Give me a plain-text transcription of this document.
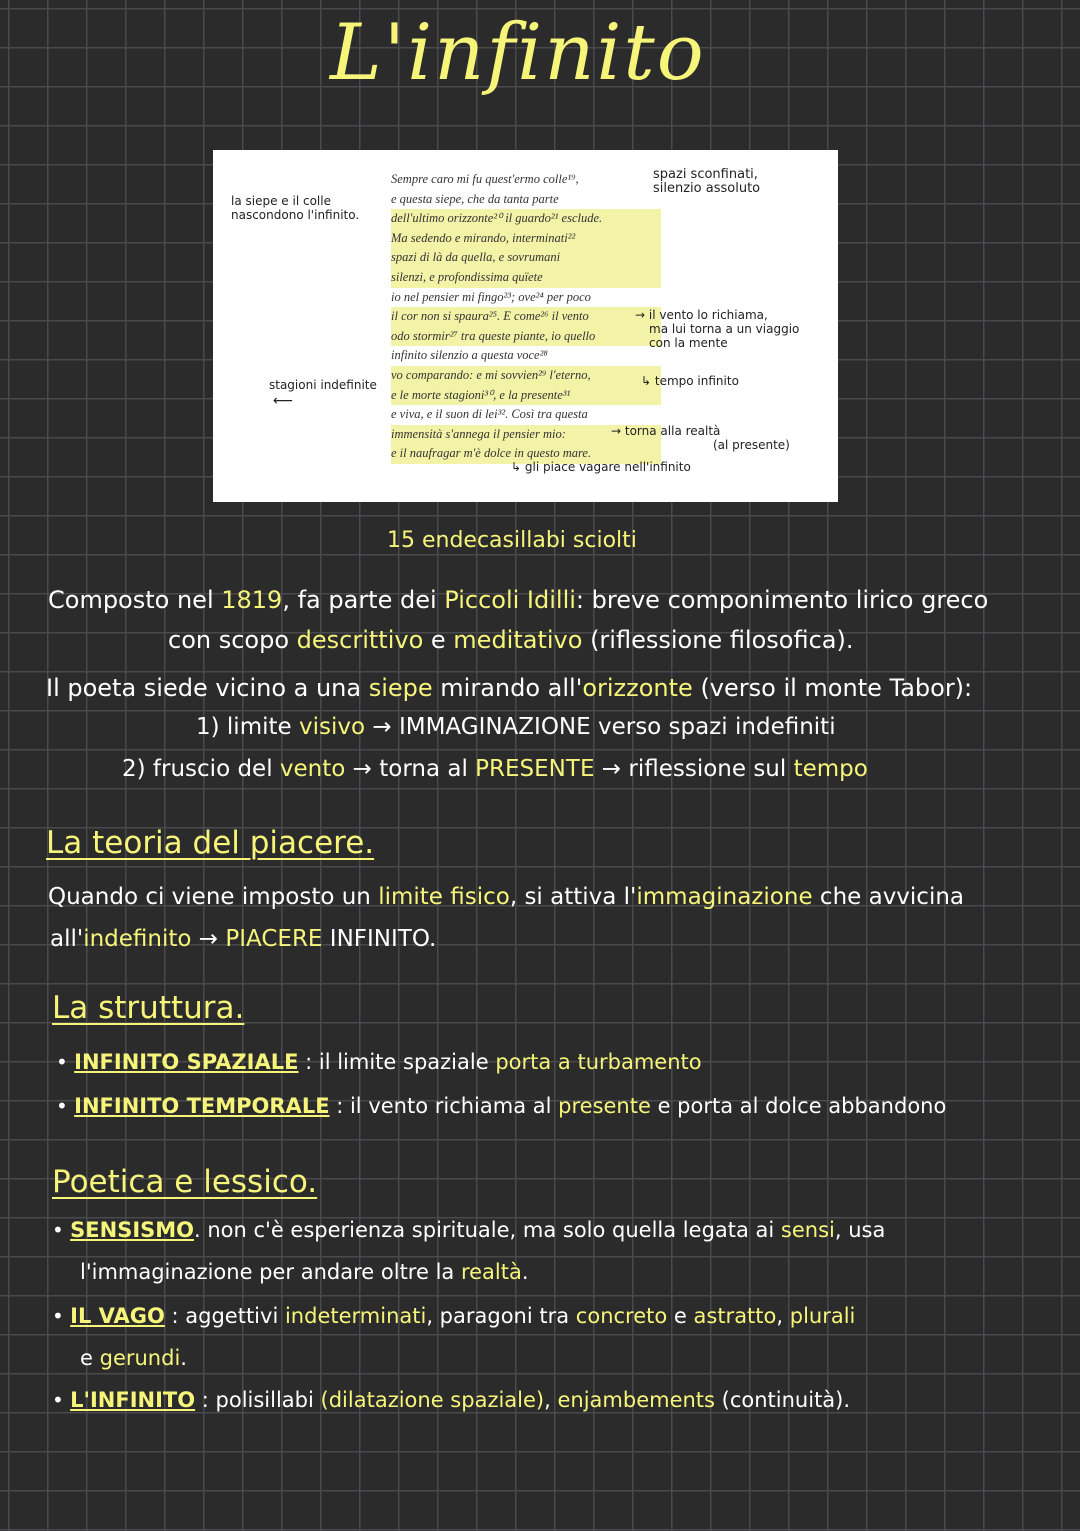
L'infinito
la siepe e il colle
nascondono l'infinito.
stagioni indefinite
⟵
Sempre caro mi fu quest'ermo colle¹⁹,
e questa siepe, che da tanta parte
dell'ultimo orizzonte²⁰ il guardo²¹ esclude.
Ma sedendo e mirando, interminati²²
spazi di là da quella, e sovrumani
silenzi, e profondissima quïete
io nel pensier mi fingo²³; ove²⁴ per poco
il cor non si spaura²⁵. E come²⁶ il vento
odo stormir²⁷ tra queste piante, io quello
infinito silenzio a questa voce²⁸
vo comparando: e mi sovvien²⁹ l'eterno,
e le morte stagioni³⁰, e la presente³¹
e viva, e il suon di lei³². Così tra questa
immensità s'annega il pensier mio:
e il naufragar m'è dolce in questo mare.
spazi sconfinati,
silenzio assoluto
→ il vento lo richiama,
ma lui torna a un viaggio
con la mente
↳ tempo infinito
→ torna alla realtà
(al presente)
↳ gli piace vagare nell'infinito
15 endecasillabi sciolti
Composto nel 1819, fa parte dei Piccoli Idilli: breve componimento lirico greco
con scopo descrittivo e meditativo (riflessione filosofica).
Il poeta siede vicino a una siepe mirando all'orizzonte (verso il monte Tabor):
1) limite visivo → IMMAGINAZIONE verso spazi indefiniti
2) fruscio del vento → torna al PRESENTE → riflessione sul tempo
La teoria del piacere.
Quando ci viene imposto un limite fisico, si attiva l'immaginazione che avvicina
all'indefinito → PIACERE INFINITO.
La struttura.
• INFINITO SPAZIALE : il limite spaziale porta a turbamento
• INFINITO TEMPORALE : il vento richiama al presente e porta al dolce abbandono
Poetica e lessico.
• SENSISMO. non c'è esperienza spirituale, ma solo quella legata ai sensi, usa
l'immaginazione per andare oltre la realtà.
• IL VAGO : aggettivi indeterminati, paragoni tra concreto e astratto, plurali
e gerundi.
• L'INFINITO : polisillabi (dilatazione spaziale), enjambements (continuità).
